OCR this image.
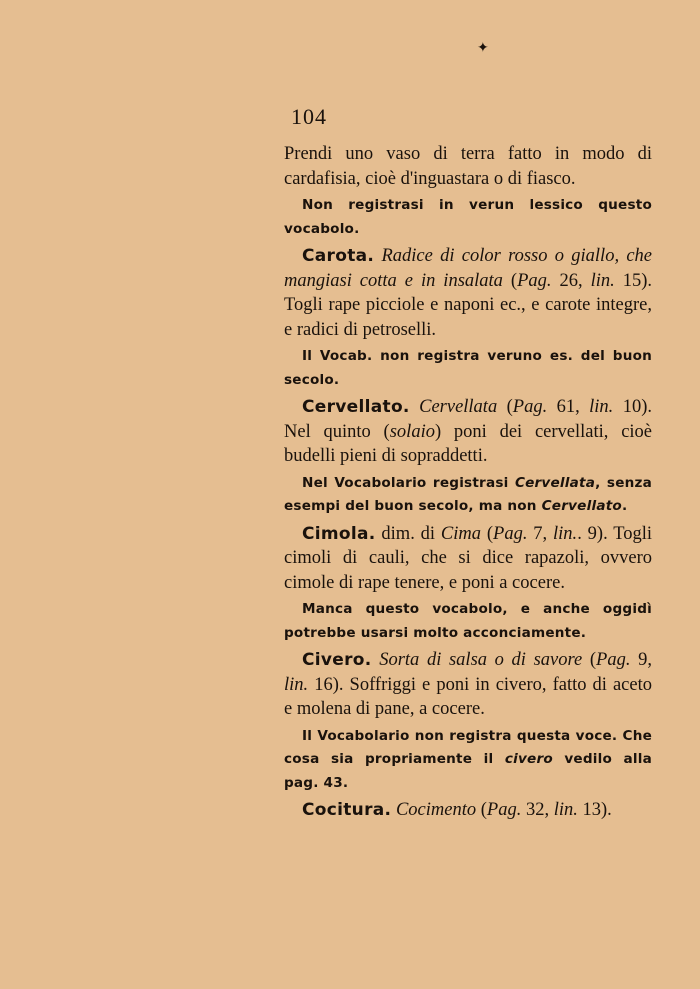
✦
104

Prendi uno vaso di terra fatto in modo di cardafisia, cioè d'inguastara o di fiasco.

Non registrasi in verun lessico questo vocabolo.

Carota. Radice di color rosso o giallo, che mangiasi cotta e in insalata (Pag. 26, lin. 15). Togli rape picciole e naponi ec., e carote integre, e radici di petroselli.

Il Vocab. non registra veruno es. del buon secolo.

Cervellato. Cervellata (Pag. 61, lin. 10). Nel quinto (solaio) poni dei cervellati, cioè budelli pieni di sopraddetti.

Nel Vocabolario registrasi Cervellata, senza esempi del buon secolo, ma non Cervellato.

Cimola. dim. di Cima (Pag. 7, lin.. 9). Togli cimoli di cauli, che si dice rapazoli, ovvero cimole di rape tenere, e poni a cocere.

Manca questo vocabolo, e anche oggidì potrebbe usarsi molto acconciamente.

Civero. Sorta di salsa o di savore (Pag. 9, lin. 16). Soffriggi e poni in civero, fatto di aceto e molena di pane, a cocere.

Il Vocabolario non registra questa voce. Che cosa sia propriamente il civero vedilo alla pag. 43.

Cocitura. Cocimento (Pag. 32, lin. 13).
